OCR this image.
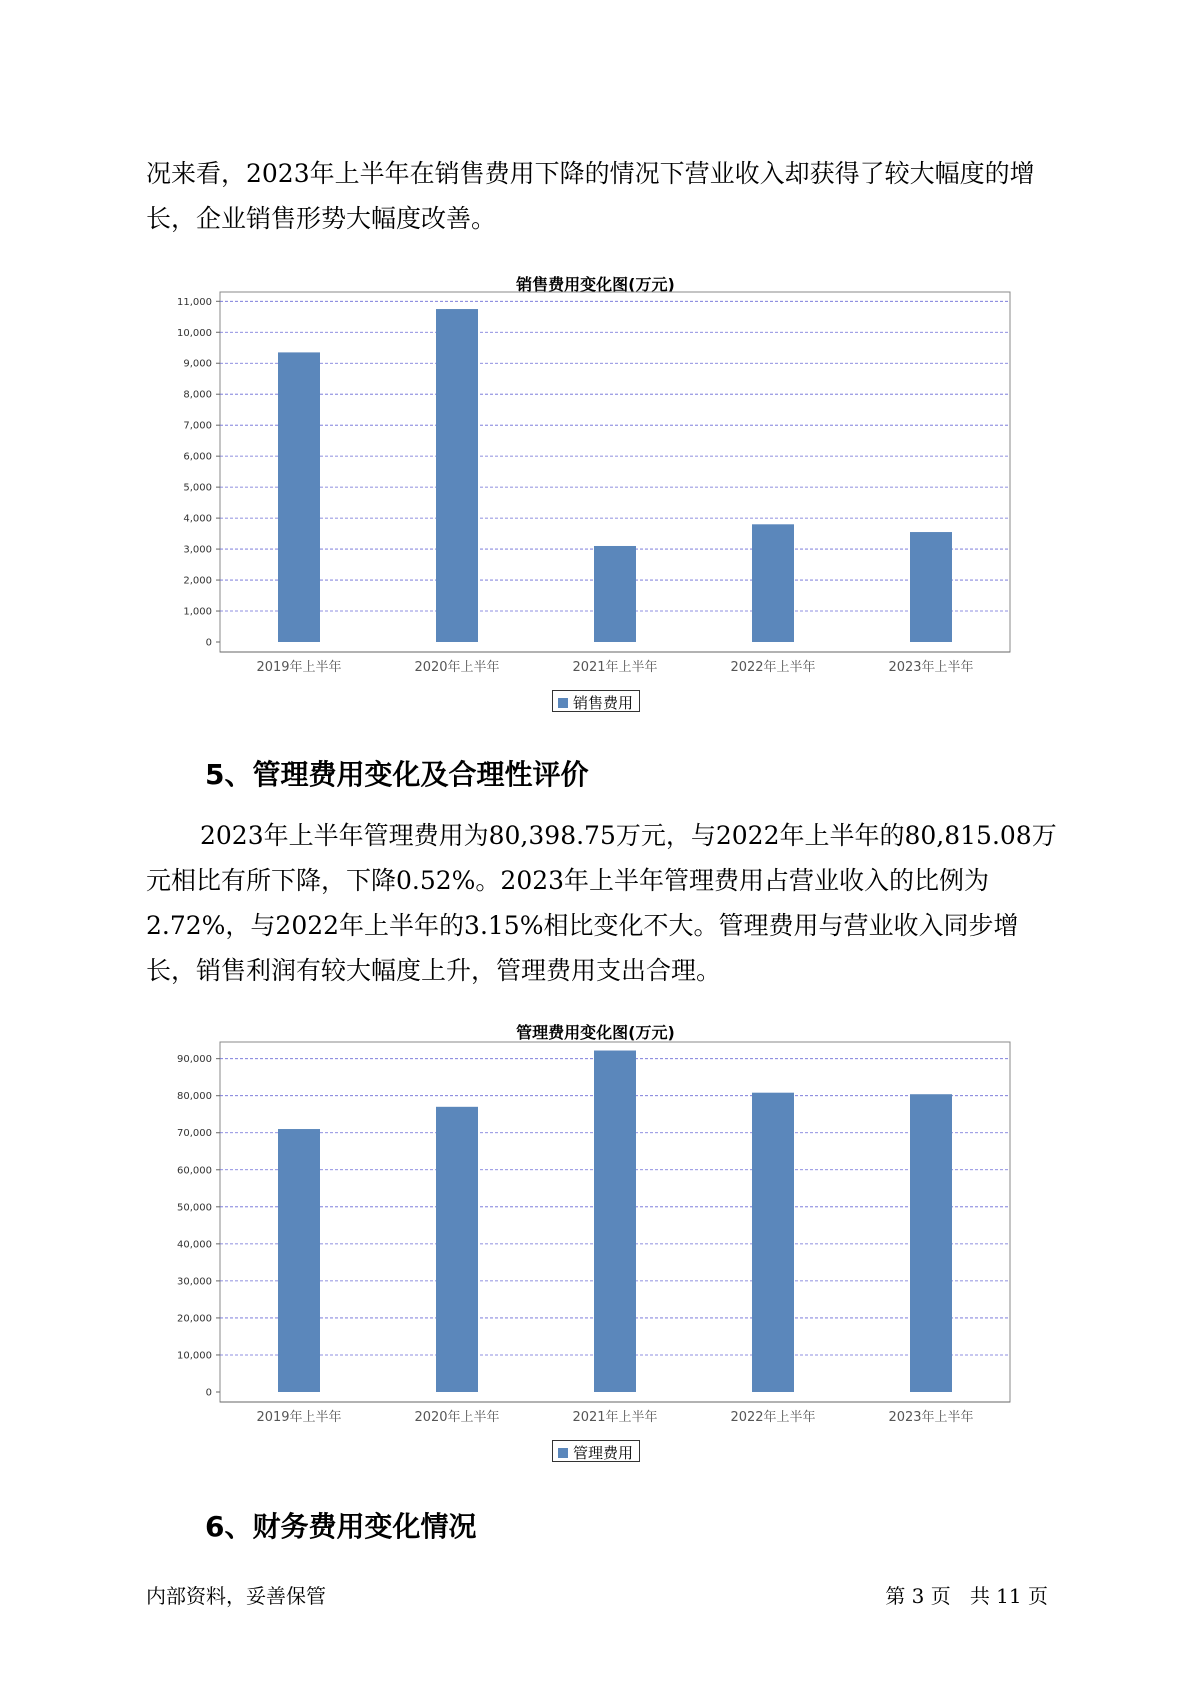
况来看，2023年上半年在销售费用下降的情况下营业收入却获得了较大幅度的增长，企业销售形势大幅度改善。

销售费用变化图(万元)
0
1,000
2,000
3,000
4,000
5,000
6,000
7,000
8,000
9,000
10,000
11,000
2019年上半年	2020年上半年	2021年上半年	2022年上半年	2023年上半年
销售费用

5、管理费用变化及合理性评价

2023年上半年管理费用为80,398.75万元，与2022年上半年的80,815.08万元相比有所下降，下降0.52%。2023年上半年管理费用占营业收入的比例为2.72%，与2022年上半年的3.15%相比变化不大。管理费用与营业收入同步增长，销售利润有较大幅度上升，管理费用支出合理。

管理费用变化图(万元)
0
10,000
20,000
30,000
40,000
50,000
60,000
70,000
80,000
90,000
2019年上半年	2020年上半年	2021年上半年	2022年上半年	2023年上半年
管理费用

6、财务费用变化情况

内部资料，妥善保管	第 3 页   共 11 页
